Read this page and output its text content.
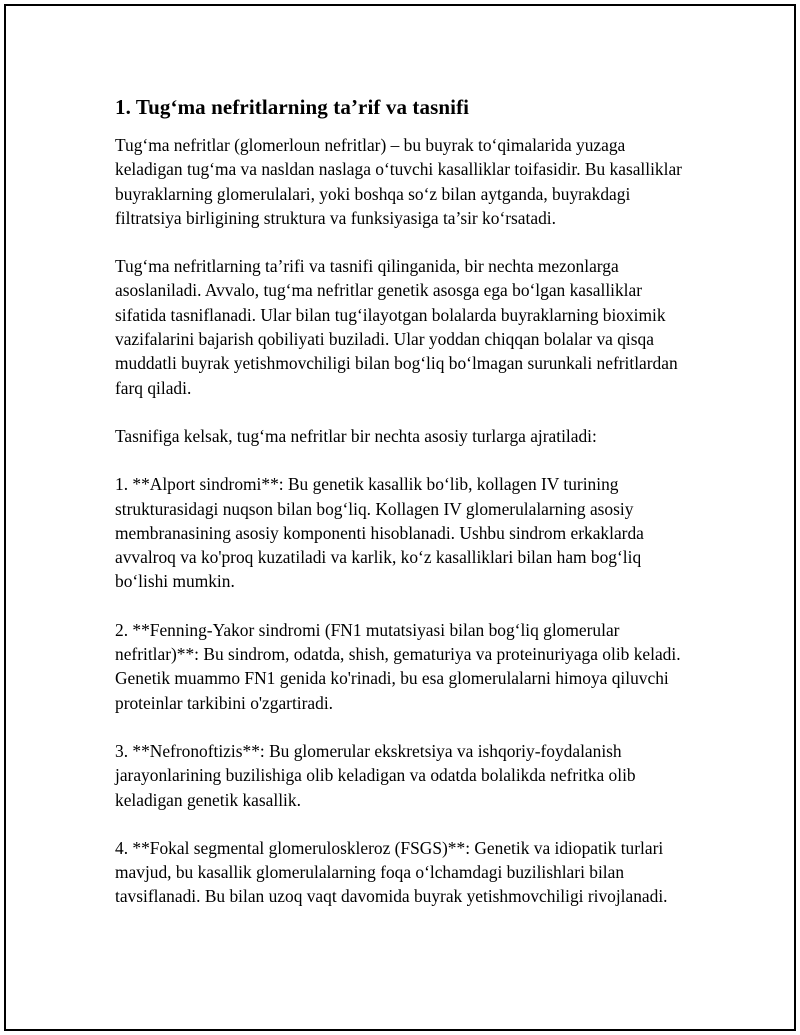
1. Tug‘ma nefritlarning ta’rif va tasnifi

Tug‘ma nefritlar (glomerloun nefritlar) – bu buyrak to‘qimalarida yuzaga keladigan tug‘ma va nasldan naslaga o‘tuvchi kasalliklar toifasidir. Bu kasalliklar buyraklarning glomerulalari, yoki boshqa so‘z bilan aytganda, buyrakdagi filtratsiya birligining struktura va funksiyasiga ta’sir ko‘rsatadi.

Tug‘ma nefritlarning ta’rifi va tasnifi qilinganida, bir nechta mezonlarga asoslaniladi. Avvalo, tug‘ma nefritlar genetik asosga ega bo‘lgan kasalliklar sifatida tasniflanadi. Ular bilan tug‘ilayotgan bolalarda buyraklarning bioximik vazifalarini bajarish qobiliyati buziladi. Ular yoddan chiqqan bolalar va qisqa muddatli buyrak yetishmovchiligi bilan bog‘liq bo‘lmagan surunkali nefritlardan farq qiladi.

Tasnifiga kelsak, tug‘ma nefritlar bir nechta asosiy turlarga ajratiladi:

1. **Alport sindromi**: Bu genetik kasallik bo‘lib, kollagen IV turining strukturasidagi nuqson bilan bog‘liq. Kollagen IV glomerulalarning asosiy membranasining asosiy komponenti hisoblanadi. Ushbu sindrom erkaklarda avvalroq va ko'proq kuzatiladi va karlik, ko‘z kasalliklari bilan ham bog‘liq bo‘lishi mumkin.

2. **Fenning-Yakor sindromi (FN1 mutatsiyasi bilan bog‘liq glomerular nefritlar)**: Bu sindrom, odatda, shish, gematuriya va proteinuriyaga olib keladi. Genetik muammo FN1 genida ko'rinadi, bu esa glomerulalarni himoya qiluvchi proteinlar tarkibini o'zgartiradi.

3. **Nefronoftizis**: Bu glomerular ekskretsiya va ishqoriy-foydalanish jarayonlarining buzilishiga olib keladigan va odatda bolalikda nefritka olib keladigan genetik kasallik.

4. **Fokal segmental glomeruloskleroz (FSGS)**: Genetik va idiopatik turlari mavjud, bu kasallik glomerulalarning foqa o‘lchamdagi buzilishlari bilan tavsiflanadi. Bu bilan uzoq vaqt davomida buyrak yetishmovchiligi rivojlanadi.
